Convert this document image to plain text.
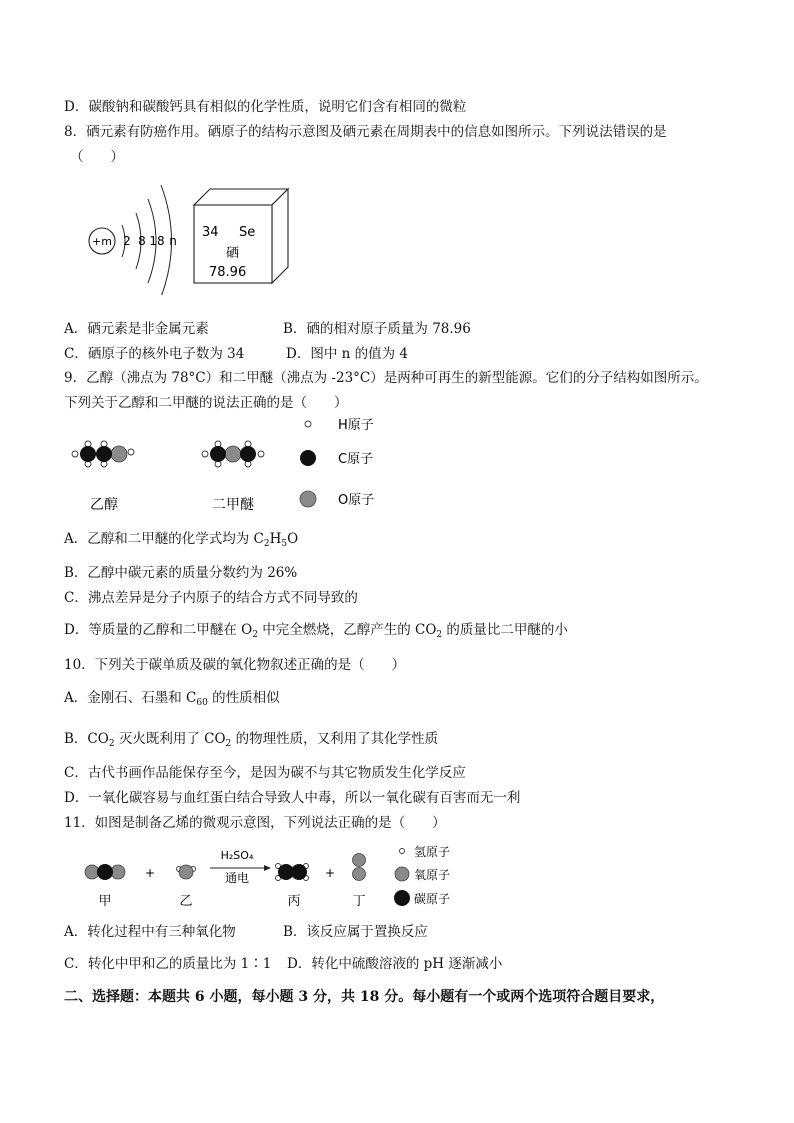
D．碳酸钠和碳酸钙具有相似的化学性质，说明它们含有相同的微粒
8．硒元素有防癌作用。硒原子的结构示意图及硒元素在周期表中的信息如图所示。下列说法错误的是
（　　）
+m 2 8 18 n
34 Se
硒
78.96
A．硒元素是非金属元素	B．硒的相对原子质量为 78.96
C．硒原子的核外电子数为 34	D．图中 n 的值为 4
9．乙醇（沸点为 78°C）和二甲醚（沸点为 -23°C）是两种可再生的新型能源。它们的分子结构如图所示。
下列关于乙醇和二甲醚的说法正确的是（　　）
乙醇	二甲醚
H原子
C原子
O原子
A．乙醇和二甲醚的化学式均为 $C_2H_5O$
B．乙醇中碳元素的质量分数约为 26%
C．沸点差异是分子内原子的结合方式不同导致的
D．等质量的乙醇和二甲醚在 $O_2$ 中完全燃烧，乙醇产生的 $CO_2$ 的质量比二甲醚的小
10．下列关于碳单质及碳的氧化物叙述正确的是（　　）
A．金刚石、石墨和 $C_{60}$ 的性质相似
B．$CO_2$ 灭火既利用了 $CO_2$ 的物理性质，又利用了其化学性质
C．古代书画作品能保存至今，是因为碳不与其它物质发生化学反应
D．一氧化碳容易与血红蛋白结合导致人中毒，所以一氧化碳有百害而无一利
11．如图是制备乙烯的微观示意图，下列说法正确的是（　　）
+
H₂SO₄
通电	+
甲	乙	丙	丁
氢原子
氧原子
碳原子
A．转化过程中有三种氧化物	B．该反应属于置换反应
C．转化中甲和乙的质量比为 1∶1 D．转化中硫酸溶液的 pH 逐渐减小
二、选择题：本题共 6 小题，每小题 3 分，共 18 分。每小题有一个或两个选项符合题目要求，
